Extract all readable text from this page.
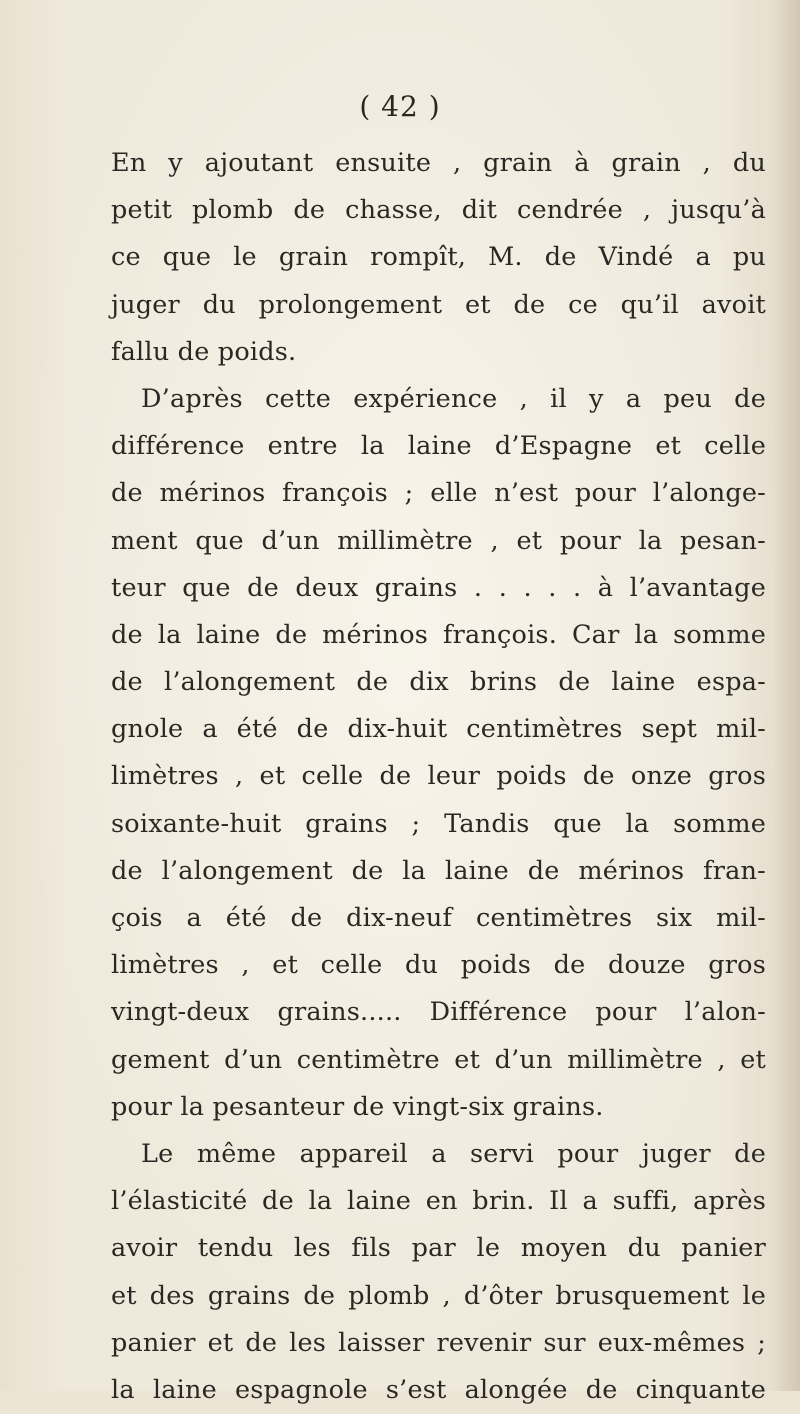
( 42 )

En y ajoutant ensuite , grain à grain , du
petit plomb de chasse, dit cendrée , jusqu’à
ce que le grain rompît, M. de Vindé a pu
juger du prolongement et de ce qu’il avoit
fallu de poids.
D’après cette expérience , il y a peu de
différence entre la laine d’Espagne et celle
de mérinos françois ; elle n’est pour l’alonge-
ment que d’un millimètre , et pour la pesan-
teur que de deux grains . . . . . à l’avantage
de la laine de mérinos françois. Car la somme
de l’alongement de dix brins de laine espa-
gnole a été de dix-huit centimètres sept mil-
limètres , et celle de leur poids de onze gros
soixante-huit grains ; Tandis que la somme
de l’alongement de la laine de mérinos fran-
çois a été de dix-neuf centimètres six mil-
limètres , et celle du poids de douze gros
vingt-deux grains..... Différence pour l’alon-
gement d’un centimètre et d’un millimètre , et
pour la pesanteur de vingt-six grains.
Le même appareil a servi pour juger de
l’élasticité de la laine en brin. Il a suffi, après
avoir tendu les fils par le moyen du panier
et des grains de plomb , d’ôter brusquement le
panier et de les laisser revenir sur eux-mêmes ;
la laine espagnole s’est alongée de cinquante
